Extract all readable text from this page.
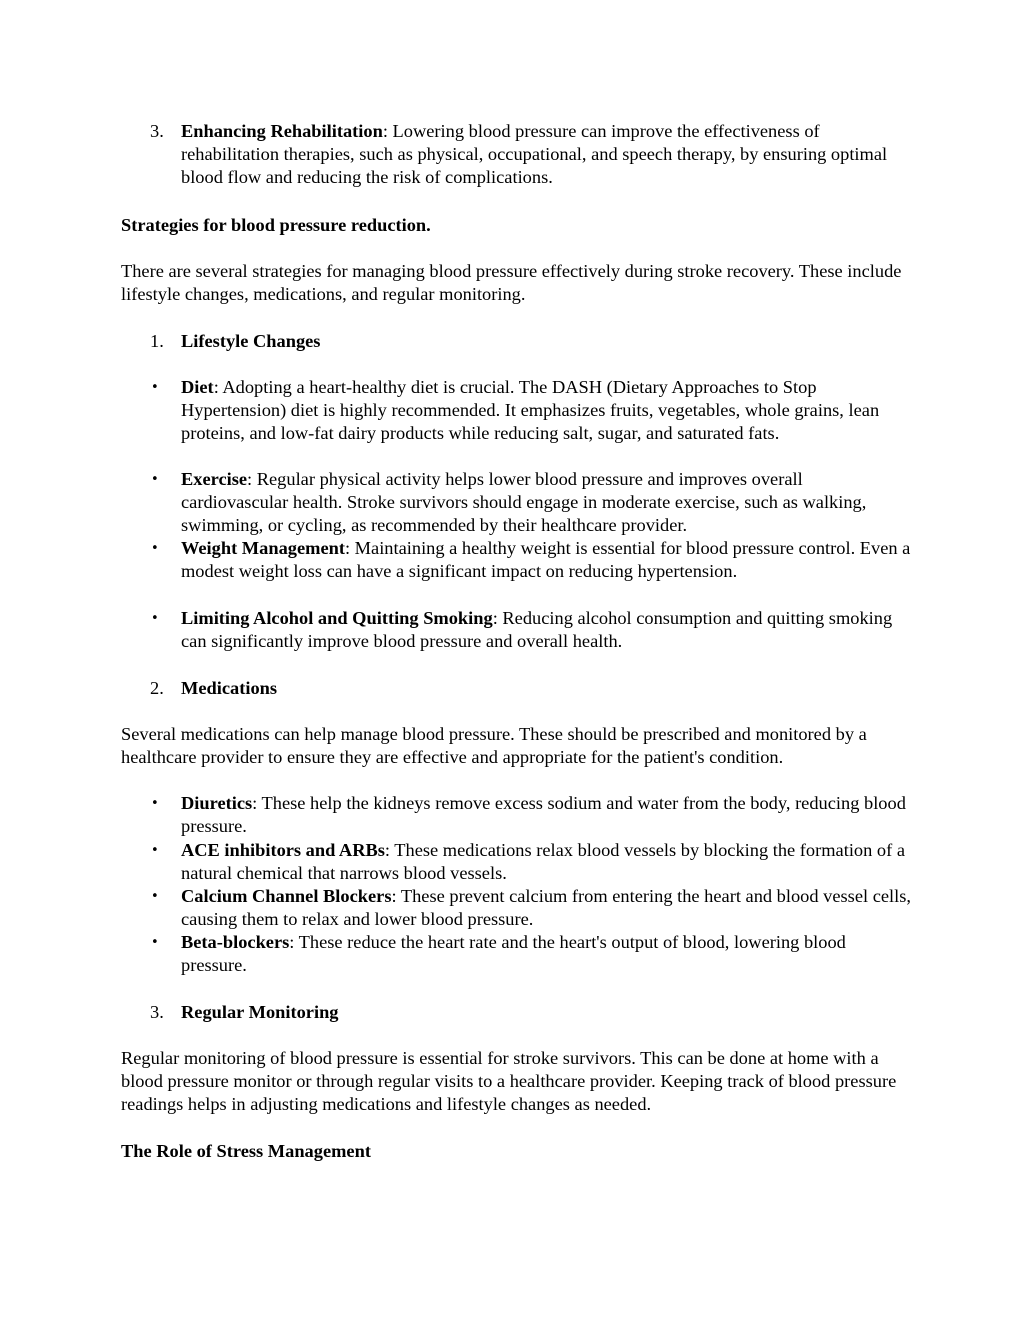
3. Enhancing Rehabilitation: Lowering blood pressure can improve the effectiveness of rehabilitation therapies, such as physical, occupational, and speech therapy, by ensuring optimal blood flow and reducing the risk of complications.

Strategies for blood pressure reduction.

There are several strategies for managing blood pressure effectively during stroke recovery. These include lifestyle changes, medications, and regular monitoring.

1. Lifestyle Changes

•	Diet: Adopting a heart-healthy diet is crucial. The DASH (Dietary Approaches to Stop Hypertension) diet is highly recommended. It emphasizes fruits, vegetables, whole grains, lean proteins, and low-fat dairy products while reducing salt, sugar, and saturated fats.

•	Exercise: Regular physical activity helps lower blood pressure and improves overall cardiovascular health. Stroke survivors should engage in moderate exercise, such as walking, swimming, or cycling, as recommended by their healthcare provider.

•	Weight Management: Maintaining a healthy weight is essential for blood pressure control. Even a modest weight loss can have a significant impact on reducing hypertension.

•	Limiting Alcohol and Quitting Smoking: Reducing alcohol consumption and quitting smoking can significantly improve blood pressure and overall health.

2. Medications

Several medications can help manage blood pressure. These should be prescribed and monitored by a healthcare provider to ensure they are effective and appropriate for the patient's condition.

•	Diuretics: These help the kidneys remove excess sodium and water from the body, reducing blood pressure.

•	ACE inhibitors and ARBs: These medications relax blood vessels by blocking the formation of a natural chemical that narrows blood vessels.

•	Calcium Channel Blockers: These prevent calcium from entering the heart and blood vessel cells, causing them to relax and lower blood pressure.

•	Beta-blockers: These reduce the heart rate and the heart's output of blood, lowering blood pressure.

3. Regular Monitoring

Regular monitoring of blood pressure is essential for stroke survivors. This can be done at home with a blood pressure monitor or through regular visits to a healthcare provider. Keeping track of blood pressure readings helps in adjusting medications and lifestyle changes as needed.

The Role of Stress Management
